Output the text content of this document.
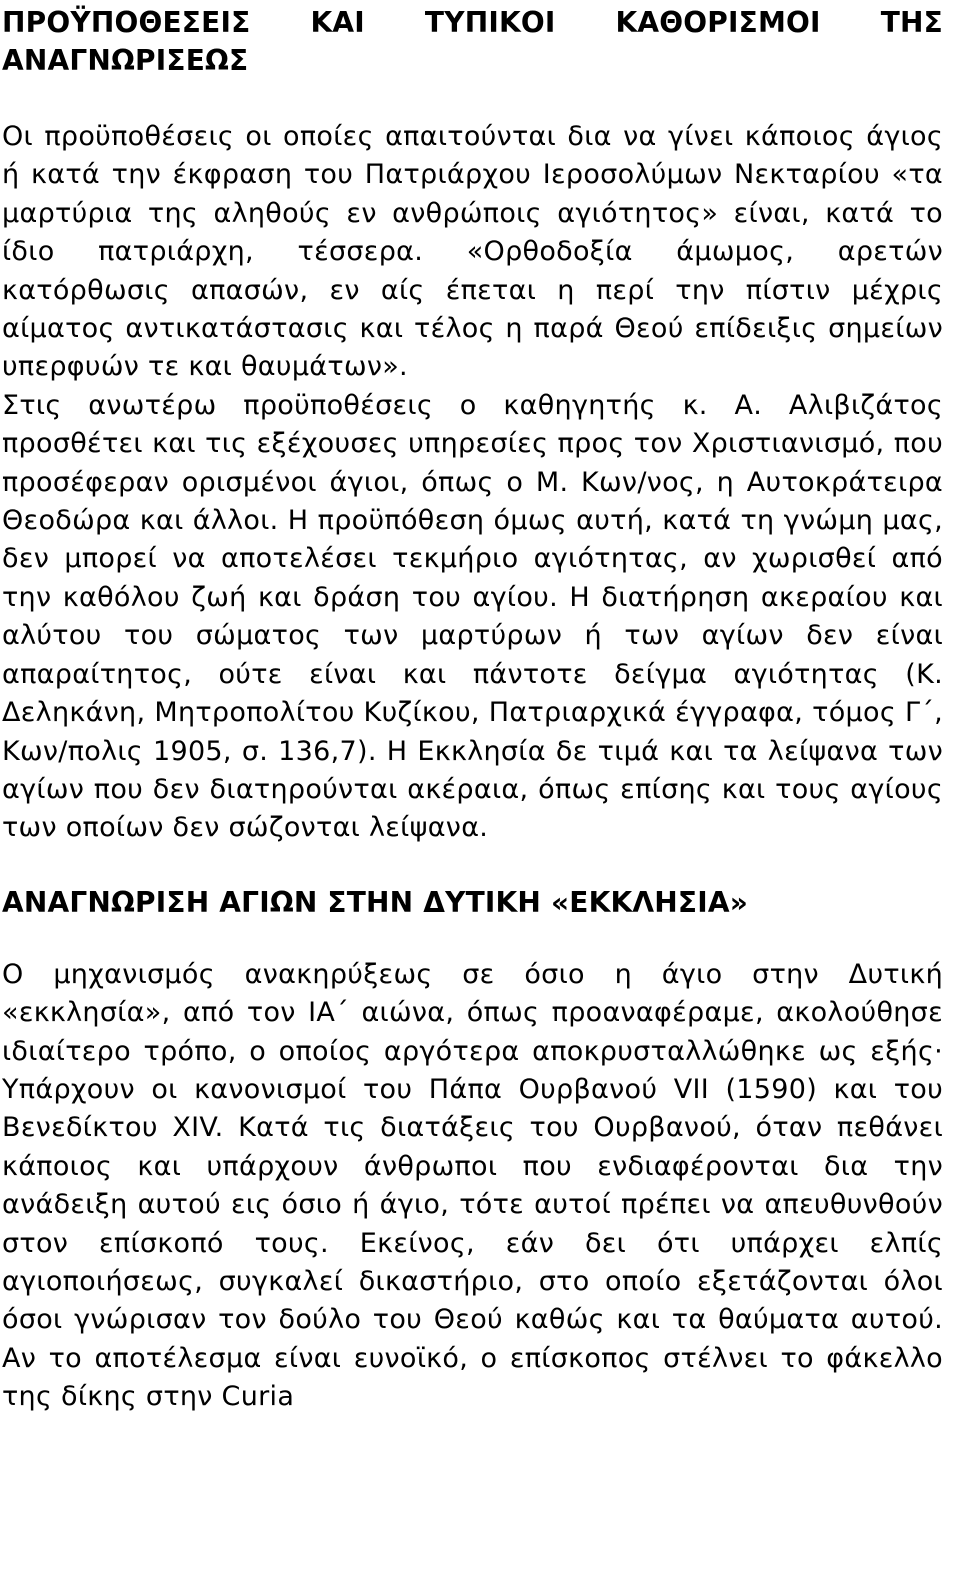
ΠΡΟΫΠΟΘΕΣΕΙΣ ΚΑΙ ΤΥΠΙΚΟΙ ΚΑΘΟΡΙΣΜΟΙ ΤΗΣ ΑΝΑΓΝΩΡΙΣΕΩΣ

Οι προϋποθέσεις οι οποίες απαιτούνται δια να γίνει κάποιος άγιος ή κατά την έκφραση του Πατριάρχου Ιεροσολύμων Νεκταρίου «τα μαρτύρια της αληθούς εν ανθρώποις αγιότητος» είναι, κατά το ίδιο πατριάρχη, τέσσερα. «Ορθοδοξία άμωμος, αρετών κατόρθωσις απασών, εν αίς έπεται η περί την πίστιν μέχρις αίματος αντικατάστασις και τέλος η παρά Θεού επίδειξις σημείων υπερφυών τε και θαυμάτων».

Στις ανωτέρω προϋποθέσεις ο καθηγητής κ. Α. Αλιβιζάτος προσθέτει και τις εξέχουσες υπηρεσίες προς τον Χριστιανισμό, που προσέφεραν ορισμένοι άγιοι, όπως ο Μ. Κων/νος, η Αυτοκράτειρα Θεοδώρα και άλλοι. Η προϋπόθεση όμως αυτή, κατά τη γνώμη μας, δεν μπορεί να αποτελέσει τεκμήριο αγιότητας, αν χωρισθεί από την καθόλου ζωή και δράση του αγίου. Η διατήρηση ακεραίου και αλύτου του σώματος των μαρτύρων ή των αγίων δεν είναι απαραίτητος, ούτε είναι και πάντοτε δείγμα αγιότητας (Κ. Δεληκάνη, Μητροπολίτου Κυζίκου, Πατριαρχικά έγγραφα, τόμος Γ΄, Κων/πολις 1905, σ. 136,7). Η Εκκλησία δε τιμά και τα λείψανα των αγίων που δεν διατηρούνται ακέραια, όπως επίσης και τους αγίους των οποίων δεν σώζονται λείψανα.

ΑΝΑΓΝΩΡΙΣΗ ΑΓΙΩΝ ΣΤΗΝ ΔΥΤΙΚΗ «ΕΚΚΛΗΣΙΑ»

Ο μηχανισμός ανακηρύξεως σε όσιο η άγιο στην Δυτική «εκκλησία», από τον ΙΑ΄ αιώνα, όπως προαναφέραμε, ακολούθησε ιδιαίτερο τρόπο, ο οποίος αργότερα αποκρυσταλλώθηκε ως εξής· Υπάρχουν οι κανονισμοί του Πάπα Ουρβανού VII (1590) και του Βενεδίκτου XIV. Κατά τις διατάξεις του Ουρβανού, όταν πεθάνει κάποιος και υπάρχουν άνθρωποι που ενδιαφέρονται δια την ανάδειξη αυτού εις όσιο ή άγιο, τότε αυτοί πρέπει να απευθυνθούν στον επίσκοπό τους. Εκείνος, εάν δει ότι υπάρχει ελπίς αγιοποιήσεως, συγκαλεί δικαστήριο, στο οποίο εξετάζονται όλοι όσοι γνώρισαν τον δούλο του Θεού καθώς και τα θαύματα αυτού. Αν το αποτέλεσμα είναι ευνοϊκό, ο επίσκοπος στέλνει το φάκελλο της δίκης στην Curia
